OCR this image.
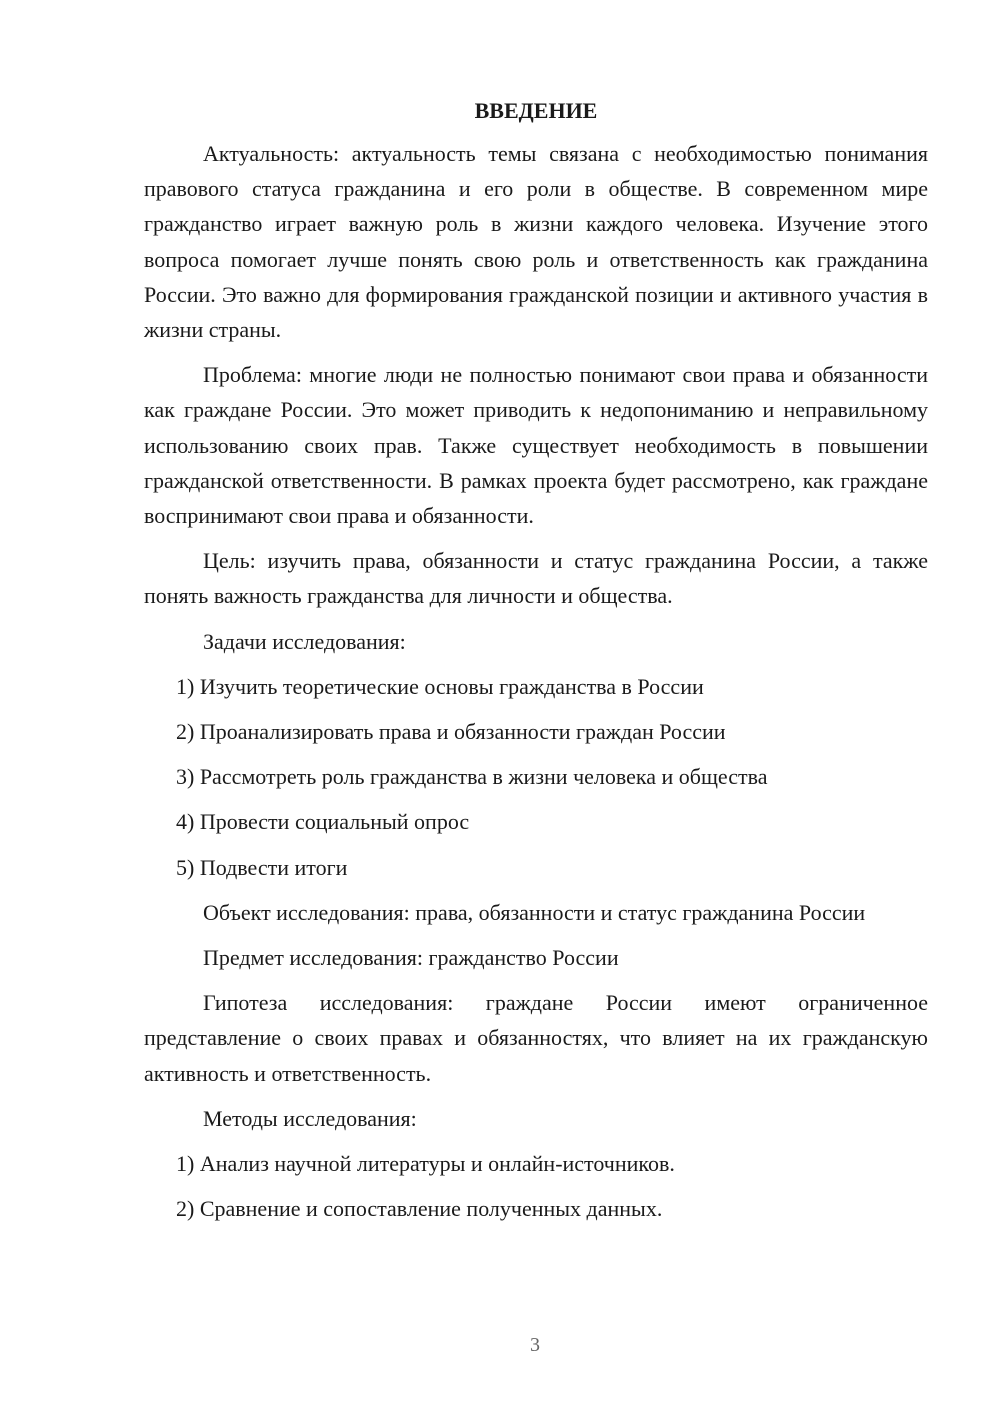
ВВЕДЕНИЕ

Актуальность: актуальность темы связана с необходимостью понимания правового статуса гражданина и его роли в обществе. В современном мире гражданство играет важную роль в жизни каждого человека. Изучение этого вопроса помогает лучше понять свою роль и ответственность как гражданина России. Это важно для формирования гражданской позиции и активного участия в жизни страны.

Проблема: многие люди не полностью понимают свои права и обязанности как граждане России. Это может приводить к недопониманию и неправильному использованию своих прав. Также существует необходимость в повышении гражданской ответственности. В рамках проекта будет рассмотрено, как граждане воспринимают свои права и обязанности.

Цель: изучить права, обязанности и статус гражданина России, а также понять важность гражданства для личности и общества.

Задачи исследования:

1) Изучить теоретические основы гражданства в России

2) Проанализировать права и обязанности граждан России

3) Рассмотреть роль гражданства в жизни человека и общества

4) Провести социальный опрос

5) Подвести итоги

Объект исследования: права, обязанности и статус гражданина России

Предмет исследования: гражданство России

Гипотеза исследования: граждане России имеют ограниченное представление о своих правах и обязанностях, что влияет на их гражданскую активность и ответственность.

Методы исследования:

1) Анализ научной литературы и онлайн-источников.

2) Сравнение и сопоставление полученных данных.

3
